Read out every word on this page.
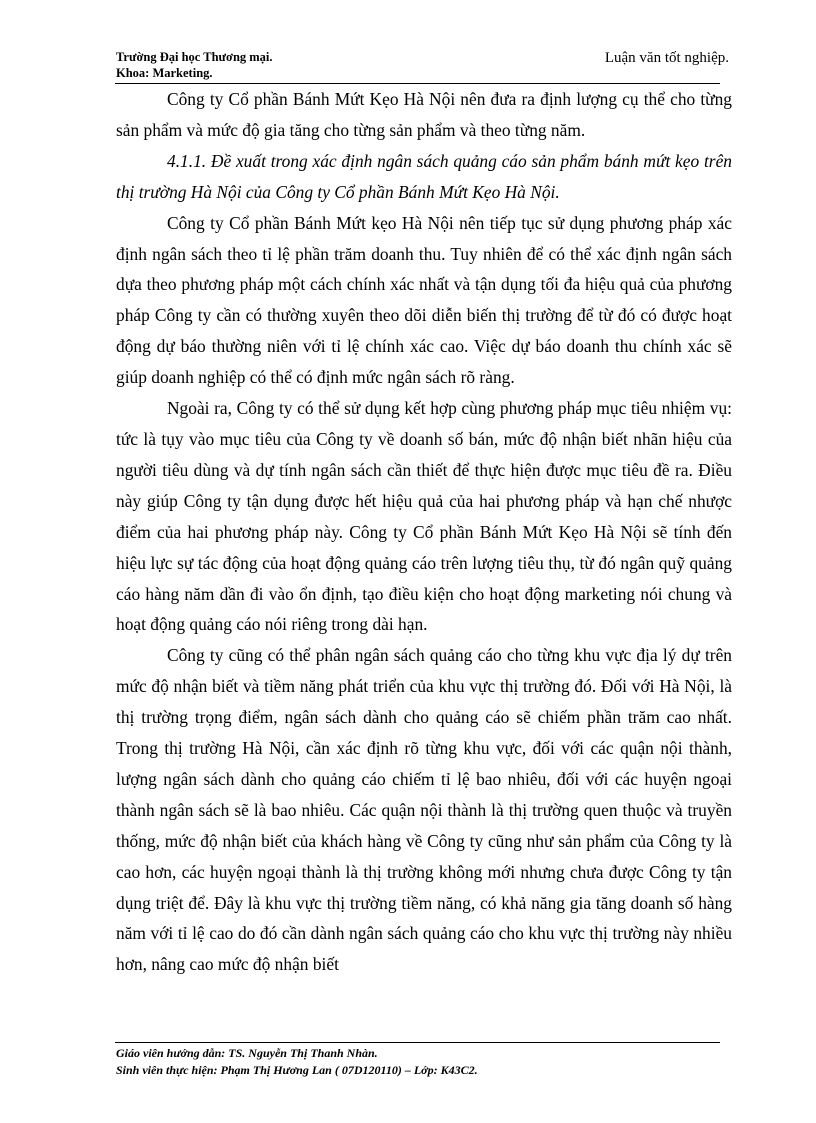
Trường Đại học Thương mại.
Khoa: Marketing.
Luận văn tốt nghiệp.

Công ty Cổ phần Bánh Mứt Kẹo Hà Nội nên đưa ra định lượng cụ thể cho từng sản phẩm và mức độ gia tăng cho từng sản phẩm và theo từng năm.

4.1.1. Đề xuất trong xác định ngân sách quảng cáo sản phẩm bánh mứt kẹo trên thị trường Hà Nội của Công ty Cổ phần Bánh Mứt Kẹo Hà Nội.

Công ty Cổ phần Bánh Mứt kẹo Hà Nội nên tiếp tục sử dụng phương pháp xác định ngân sách theo tỉ lệ phần trăm doanh thu. Tuy nhiên để có thể xác định ngân sách dựa theo phương pháp một cách chính xác nhất và tận dụng tối đa hiệu quả của phương pháp Công ty cần có thường xuyên theo dõi diễn biến thị trường để từ đó có được hoạt động dự báo thường niên với tỉ lệ chính xác cao. Việc dự báo doanh thu chính xác sẽ giúp doanh nghiệp có thể có định mức ngân sách rõ ràng.

Ngoài ra, Công ty có thể sử dụng kết hợp cùng phương pháp mục tiêu nhiệm vụ: tức là tụy vào mục tiêu của Công ty về doanh số bán, mức độ nhận biết nhãn hiệu của người tiêu dùng và dự tính ngân sách cần thiết để thực hiện được mục tiêu đề ra. Điều này giúp Công ty tận dụng được hết hiệu quả của hai phương pháp và hạn chế nhược điểm của hai phương pháp này. Công ty Cổ phần Bánh Mứt Kẹo Hà Nội sẽ tính đến hiệu lực sự tác động của hoạt động quảng cáo trên lượng tiêu thụ, từ đó ngân quỹ quảng cáo hàng năm dần đi vào ổn định, tạo điều kiện cho hoạt động marketing nói chung và hoạt động quảng cáo nói riêng trong dài hạn.

Công ty cũng có thể phân ngân sách quảng cáo cho từng khu vực địa lý dự trên mức độ nhận biết và tiềm năng phát triển của khu vực thị trường đó. Đối với Hà Nội, là thị trường trọng điểm, ngân sách dành cho quảng cáo sẽ chiếm phần trăm cao nhất. Trong thị trường Hà Nội, cần xác định rõ từng khu vực, đối với các quận nội thành, lượng ngân sách dành cho quảng cáo chiếm tỉ lệ bao nhiêu, đối với các huyện ngoại thành ngân sách sẽ là bao nhiêu. Các quận nội thành là thị trường quen thuộc và truyền thống, mức độ nhận biết của khách hàng về Công ty cũng như sản phẩm của Công ty là cao hơn, các huyện ngoại thành là thị trường không mới nhưng chưa được Công ty tận dụng triệt để. Đây là khu vực thị trường tiềm năng, có khả năng gia tăng doanh số hàng năm với tỉ lệ cao do đó cần dành ngân sách quảng cáo cho khu vực thị trường này nhiều hơn, nâng cao mức độ nhận biết

Giáo viên hướng dẫn: TS. Nguyễn Thị Thanh Nhàn.
Sinh viên thực hiện: Phạm Thị Hương Lan ( 07D120110) – Lớp: K43C2.
